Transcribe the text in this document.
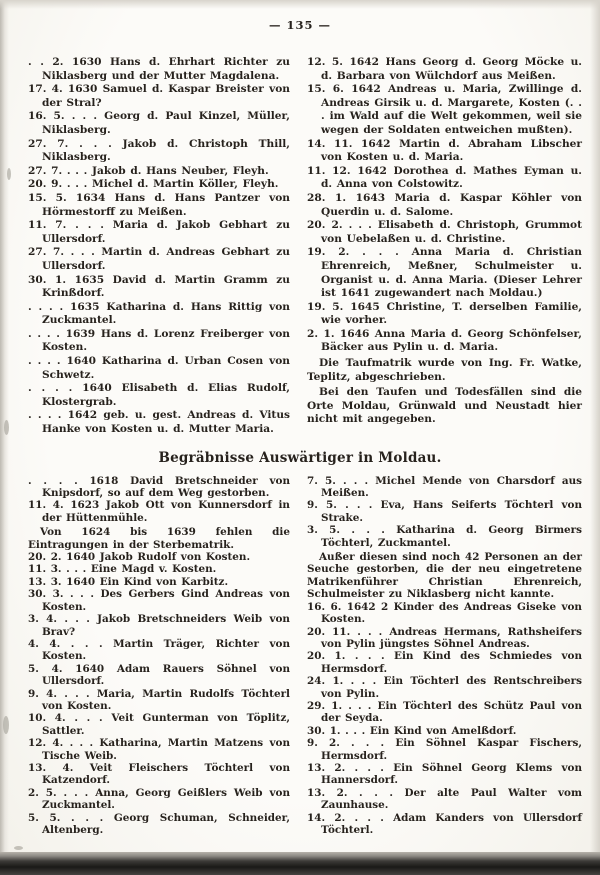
— 135 —

. . 2. 1630 Hans d. Ehrhart Richter zu Niklasberg und der Mutter Magdalena.

17. 4. 1630 Samuel d. Kaspar Breister von der Stral?

16. 5. . . . Georg d. Paul Kinzel, Müller, Niklasberg.

27. 7. . . . Jakob d. Christoph Thill, Niklasberg.

27. 7. . . . Jakob d. Hans Neuber, Fleyh.

20. 9. . . . Michel d. Martin Köller, Fleyh.

15. 5. 1634 Hans d. Hans Pantzer von Hörmestorff zu Meißen.

11. 7. . . . Maria d. Jakob Gebhart zu Ullersdorf.

27. 7. . . . Martin d. Andreas Gebhart zu Ullersdorf.

30. 1. 1635 David d. Martin Gramm zu Krinßdorf.

. . . . 1635 Katharina d. Hans Rittig von Zuckmantel.

. . . . 1639 Hans d. Lorenz Freiberger von Kosten.

. . . . 1640 Katharina d. Urban Cosen von Schwetz.

. . . . 1640 Elisabeth d. Elias Rudolf, Klostergrab.

. . . . 1642 geb. u. gest. Andreas d. Vitus Hanke von Kosten u. d. Mutter Maria.

12. 5. 1642 Hans Georg d. Georg Möcke u. d. Barbara von Wülchdorf aus Meißen.

15. 6. 1642 Andreas u. Maria, Zwillinge d. Andreas Girsik u. d. Margarete, Kosten (. . . im Wald auf die Welt gekommen, weil sie wegen der Soldaten entweichen mußten).

14. 11. 1642 Martin d. Abraham Libscher von Kosten u. d. Maria.

11. 12. 1642 Dorothea d. Mathes Eyman u. d. Anna von Colstowitz.

28. 1. 1643 Maria d. Kaspar Köhler von Querdin u. d. Salome.

20. 2. . . . Elisabeth d. Christoph, Grummot von Uebelaßen u. d. Christine.

19. 2. . . . Anna Maria d. Christian Ehrenreich, Meßner, Schulmeister u. Organist u. d. Anna Maria. (Dieser Lehrer ist 1641 zugewandert nach Moldau.)

19. 5. 1645 Christine, T. derselben Familie, wie vorher.

2. 1. 1646 Anna Maria d. Georg Schönfelser, Bäcker aus Pylin u. d. Maria.

Die Taufmatrik wurde von Ing. Fr. Watke, Teplitz, abgeschrieben.

Bei den Taufen und Todesfällen sind die Orte Moldau, Grünwald und Neustadt hier nicht mit angegeben.

Begräbnisse Auswärtiger in Moldau.

. . . . 1618 David Bretschneider von Knipsdorf, so auf dem Weg gestorben.

11. 4. 1623 Jakob Ott von Kunnersdorf in der Hüttenmühle.

Von 1624 bis 1639 fehlen die Eintragungen in der Sterbematrik.

20. 2. 1640 Jakob Rudolf von Kosten.

11. 3. . . . Eine Magd v. Kosten.

13. 3. 1640 Ein Kind von Karbitz.

30. 3. . . . Des Gerbers Gind Andreas von Kosten.

3. 4. . . . Jakob Bretschneiders Weib von Brav?

4. 4. . . . Martin Träger, Richter von Kosten.

5. 4. 1640 Adam Rauers Söhnel von Ullersdorf.

9. 4. . . . Maria, Martin Rudolfs Töchterl von Kosten.

10. 4. . . . Veit Gunterman von Töplitz, Sattler.

12. 4. . . . Katharina, Martin Matzens von Tische Weib.

13. 4. Veit Fleischers Töchterl von Katzendorf.

2. 5. . . . Anna, Georg Geißlers Weib von Zuckmantel.

5. 5. . . . Georg Schuman, Schneider, Altenberg.

7. 5. . . . Michel Mende von Charsdorf aus Meißen.

9. 5. . . . Eva, Hans Seiferts Töchterl von Strake.

3. 5. . . . Katharina d. Georg Birmers Töchterl, Zuckmantel.

Außer diesen sind noch 42 Personen an der Seuche gestorben, die der neu eingetretene Matrikenführer Christian Ehrenreich, Schulmeister zu Niklasberg nicht kannte.

16. 6. 1642 2 Kinder des Andreas Giseke von Kosten.

20. 11. . . . Andreas Hermans, Rathsheifers von Pylin jüngstes Söhnel Andreas.

20. 1. . . . Ein Kind des Schmiedes von Hermsdorf.

24. 1. . . . Ein Töchterl des Rentschreibers von Pylin.

29. 1. . . . Ein Töchterl des Schütz Paul von der Seyda.

30. 1. . . . Ein Kind von Amelßdorf.

9. 2. . . . Ein Söhnel Kaspar Fischers, Hermsdorf.

13. 2. . . . Ein Söhnel Georg Klems von Hannersdorf.

13. 2. . . . Der alte Paul Walter vom Zaunhause.

14. 2. . . . Adam Kanders von Ullersdorf Töchterl.
